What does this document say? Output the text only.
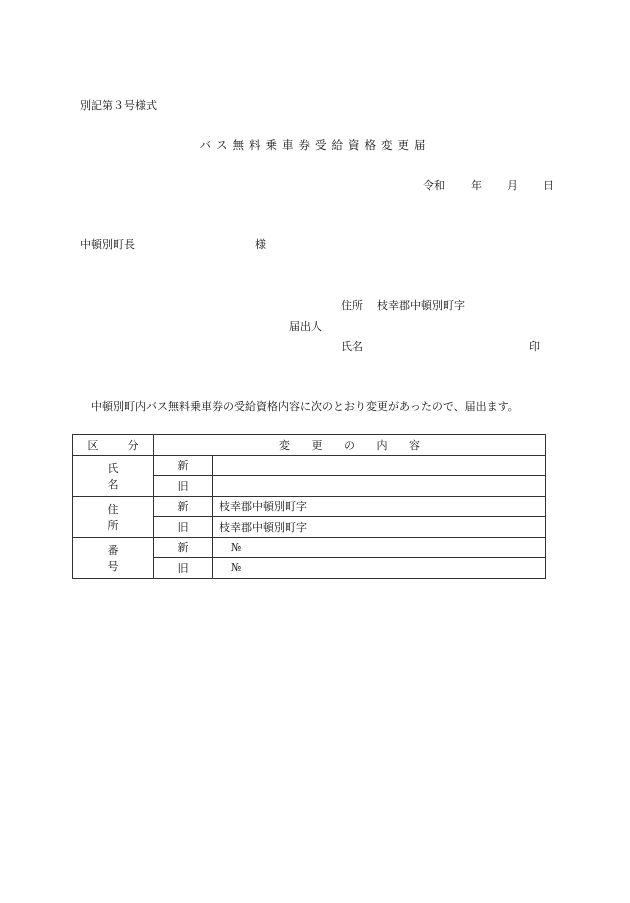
別記第３号様式
バス無料乗車券受給資格変更届
令和 年 月 日
中頓別町長	様
住所 枝幸郡中頓別町字
届出人
氏名	印
中頓別町内バス無料乗車券の受給資格内容に次のとおり変更があったので、届出ます。
区　分	変 更 の 内 容	
氏　名	新	
	旧	
住　所	新	枝幸郡中頓別町字
	旧	枝幸郡中頓別町字
番　号	新	№
	旧	№
